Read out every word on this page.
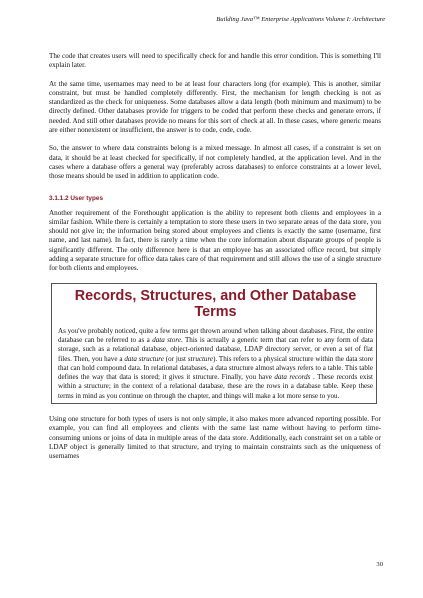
Building Java™ Enterprise Applications Volume I: Architecture

The code that creates users will need to specifically check for and handle this error condition. This is something I'll explain later.

At the same time, usernames may need to be at least four characters long (for example). This is another, similar constraint, but must be handled completely differently. First, the mechanism for length checking is not as standardized as the check for uniqueness. Some databases allow a data length (both minimum and maximum) to be directly defined. Other databases provide for triggers to be coded that perform these checks and generate errors, if needed. And still other databases provide no means for this sort of check at all. In these cases, where generic means are either nonexistent or insufficient, the answer is to code, code, code.

So, the answer to where data constraints belong is a mixed message. In almost all cases, if a constraint is set on data, it should be at least checked for specifically, if not completely handled, at the application level. And in the cases where a database offers a general way (preferably across databases) to enforce constraints at a lower level, those means should be used in addition to application code.

3.1.1.2 User types

Another requirement of the Forethought application is the ability to represent both clients and employees in a similar fashion. While there is certainly a temptation to store these users in two separate areas of the data store, you should not give in; the information being stored about employees and clients is exactly the same (username, first name, and last name). In fact, there is rarely a time when the core information about disparate groups of people is significantly different. The only difference here is that an employee has an associated office record, but simply adding a separate structure for office data takes care of that requirement and still allows the use of a single structure for both clients and employees.

Records, Structures, and Other Database Terms

As you've probably noticed, quite a few terms get thrown around when talking about databases. First, the entire database can be referred to as a data store. This is actually a generic term that can refer to any form of data storage, such as a relational database, object-oriented database, LDAP directory server, or even a set of flat files. Then, you have a data structure (or just structure). This refers to a physical structure within the data store that can hold compound data. In relational databases, a data structure almost always refers to a table. This table defines the way that data is stored; it gives it structure. Finally, you have data records . These records exist within a structure; in the context of a relational database, these are the rows in a database table. Keep these terms in mind as you continue on through the chapter, and things will make a lot more sense to you.

Using one structure for both types of users is not only simple, it also makes more advanced reporting possible. For example, you can find all employees and clients with the same last name without having to perform time-consuming unions or joins of data in multiple areas of the data store. Additionally, each constraint set on a table or LDAP object is generally limited to that structure, and trying to maintain constraints such as the uniqueness of usernames

30
